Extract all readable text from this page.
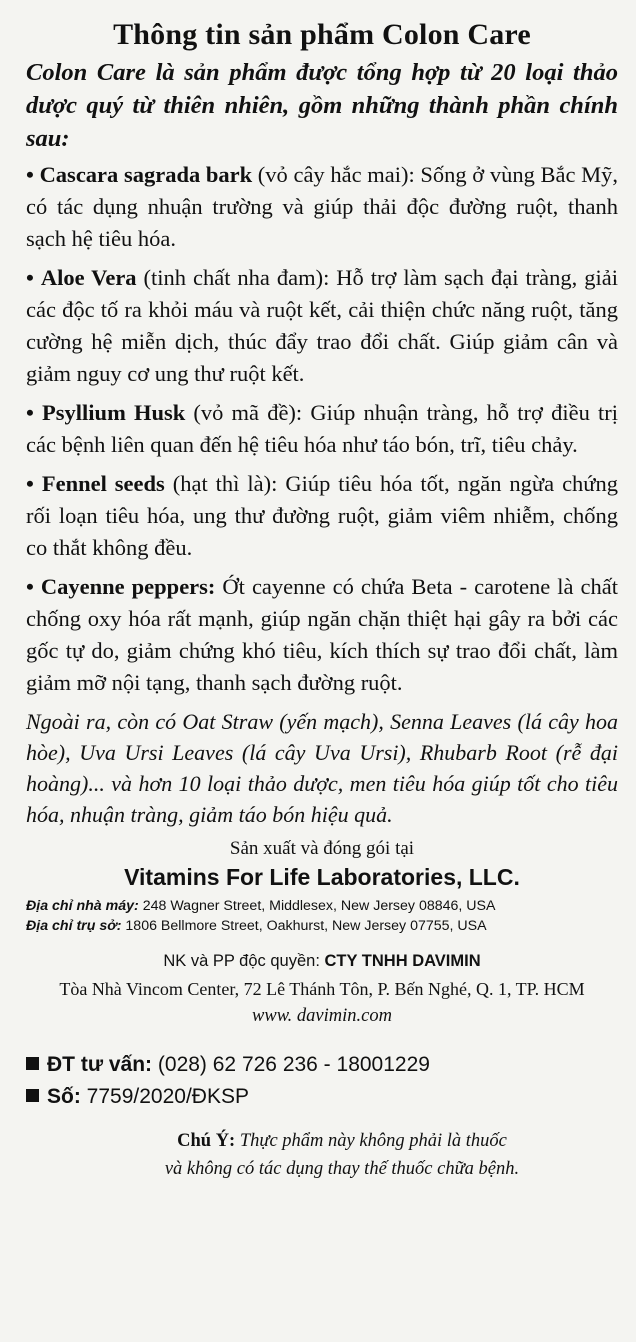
Thông tin sản phẩm Colon Care
Colon Care là sản phẩm được tổng hợp từ 20 loại thảo dược quý từ thiên nhiên, gồm những thành phần chính sau:
• Cascara sagrada bark (vỏ cây hắc mai): Sống ở vùng Bắc Mỹ, có tác dụng nhuận trường và giúp thải độc đường ruột, thanh sạch hệ tiêu hóa.
• Aloe Vera (tinh chất nha đam): Hỗ trợ làm sạch đại tràng, giải các độc tố ra khỏi máu và ruột kết, cải thiện chức năng ruột, tăng cường hệ miễn dịch, thúc đẩy trao đổi chất. Giúp giảm cân và giảm nguy cơ ung thư ruột kết.
• Psyllium Husk (vỏ mã đề): Giúp nhuận tràng, hỗ trợ điều trị các bệnh liên quan đến hệ tiêu hóa như táo bón, trĩ, tiêu chảy.
• Fennel seeds (hạt thì là): Giúp tiêu hóa tốt, ngăn ngừa chứng rối loạn tiêu hóa, ung thư đường ruột, giảm viêm nhiễm, chống co thắt không đều.
• Cayenne peppers: Ớt cayenne có chứa Beta - carotene là chất chống oxy hóa rất mạnh, giúp ngăn chặn thiệt hại gây ra bởi các gốc tự do, giảm chứng khó tiêu, kích thích sự trao đổi chất, làm giảm mỡ nội tạng, thanh sạch đường ruột.
Ngoài ra, còn có Oat Straw (yến mạch), Senna Leaves (lá cây hoa hòe), Uva Ursi Leaves (lá cây Uva Ursi), Rhubarb Root (rễ đại hoàng)... và hơn 10 loại thảo dược, men tiêu hóa giúp tốt cho tiêu hóa, nhuận tràng, giảm táo bón hiệu quả.
Sản xuất và đóng gói tại
Vitamins For Life Laboratories, LLC.
Địa chỉ nhà máy: 248 Wagner Street, Middlesex, New Jersey 08846, USA
Địa chỉ trụ sở: 1806 Bellmore Street, Oakhurst, New Jersey 07755, USA
NK và PP độc quyền: CTY TNHH DAVIMIN
Tòa Nhà Vincom Center, 72 Lê Thánh Tôn, P. Bến Nghé, Q. 1, TP. HCM
www. davimin.com
ĐT tư vấn: (028) 62 726 236 - 18001229
Số: 7759/2020/ĐKSP
Chú Ý: Thực phẩm này không phải là thuốc
và không có tác dụng thay thế thuốc chữa bệnh.
